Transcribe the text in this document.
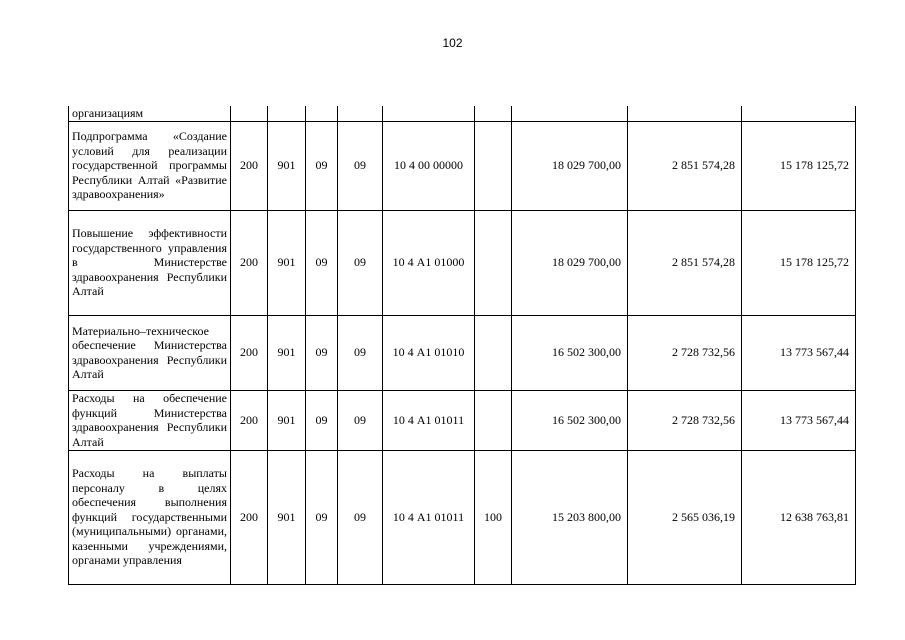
102
организациям									
Подпрограмма «Создание условий для реализации государственной программы Республики Алтай «Развитие здравоохранения»	200	901	09	09	10 4 00 00000		18 029 700,00	2 851 574,28	15 178 125,72
Повышение эффективности государственного управления в Министерстве здравоохранения Республики Алтай	200	901	09	09	10 4 А1 01000		18 029 700,00	2 851 574,28	15 178 125,72
Материально–техническое обеспечение Министерства здравоохранения Республики Алтай	200	901	09	09	10 4 А1 01010		16 502 300,00	2 728 732,56	13 773 567,44
Расходы на обеспечение функций Министерства здравоохранения Республики Алтай	200	901	09	09	10 4 А1 01011		16 502 300,00	2 728 732,56	13 773 567,44
Расходы на выплаты персоналу в целях обеспечения выполнения функций государственными (муниципальными) органами, казенными учреждениями, органами управления	200	901	09	09	10 4 А1 01011	100	15 203 800,00	2 565 036,19	12 638 763,81
